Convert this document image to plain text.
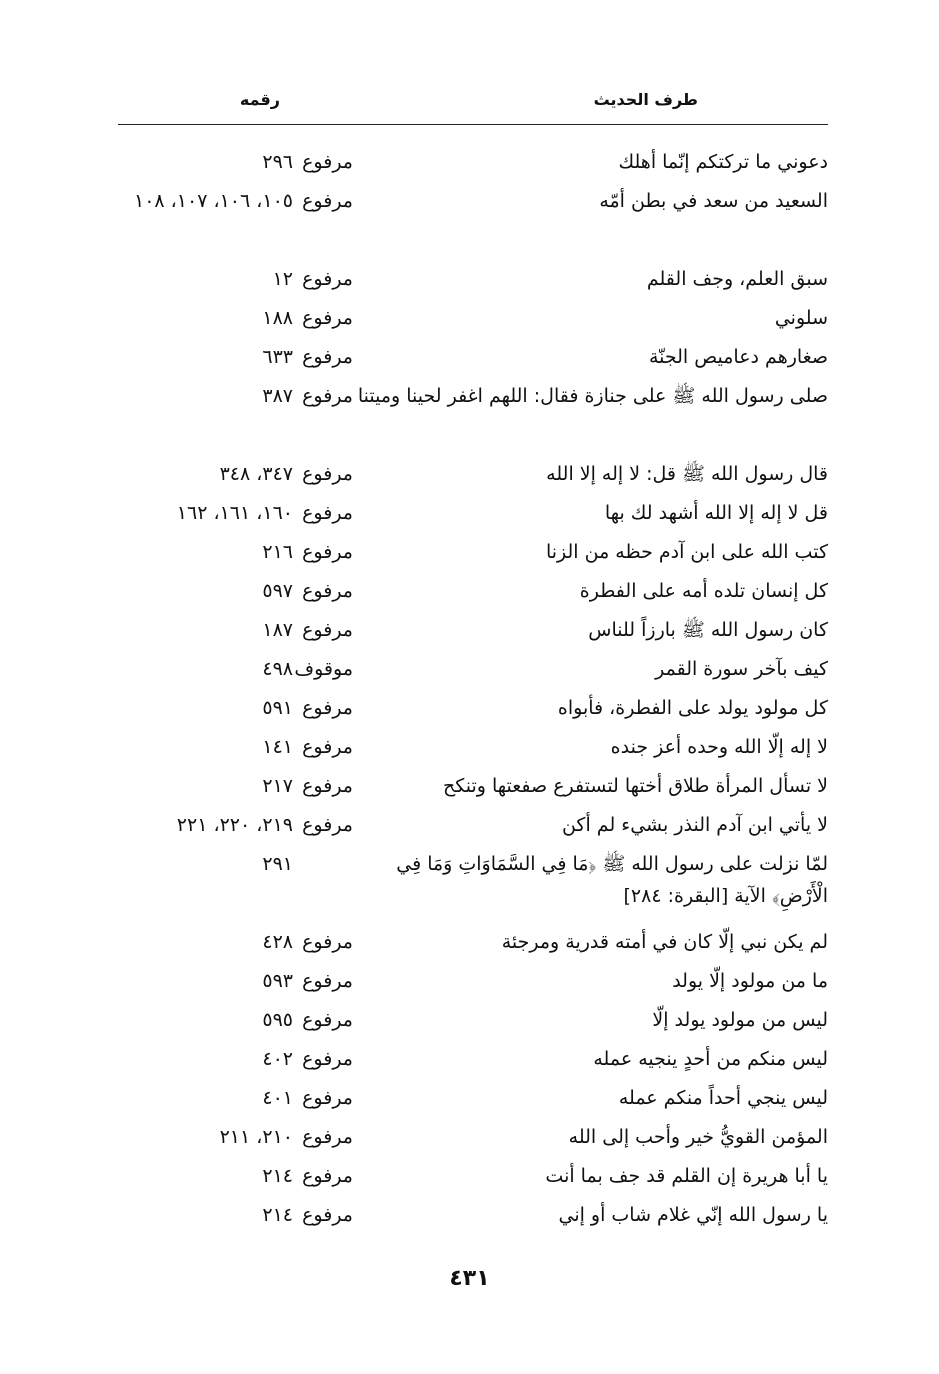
طرف الحديث
رقمه
دعوني ما تركتكم إنّما أهلك
مرفوع
٢٩٦
السعيد من سعد في بطن أمّه
مرفوع
١٠٥، ١٠٦، ١٠٧، ١٠٨
سبق العلم، وجف القلم
مرفوع
١٢
سلوني
مرفوع
١٨٨
صغارهم دعاميص الجنّة
مرفوع
٦٣٣
صلى رسول الله ﷺ على جنازة فقال: اللهم اغفر لحينا وميتنا
مرفوع
٣٨٧
قال رسول الله ﷺ قل: لا إله إلا الله
مرفوع
٣٤٧، ٣٤٨
قل لا إله إلا الله أشهد لك بها
مرفوع
١٦٠، ١٦١، ١٦٢
كتب الله على ابن آدم حظه من الزنا
مرفوع
٢١٦
كل إنسان تلده أمه على الفطرة
مرفوع
٥٩٧
كان رسول الله ﷺ بارزاً للناس
مرفوع
١٨٧
كيف بآخر سورة القمر
موقوف
٤٩٨
كل مولود يولد على الفطرة، فأبواه
مرفوع
٥٩١
لا إله إلّا الله وحده أعز جنده
مرفوع
١٤١
لا تسأل المرأة طلاق أختها لتستفرع صفعتها وتنكح
مرفوع
٢١٧
لا يأتي ابن آدم النذر بشيء لم أكن
مرفوع
٢١٩، ٢٢٠، ٢٢١
لمّا نزلت على رسول الله ﷺ ﴿مَا فِي السَّمَاوَاتِ وَمَا فِي الْأَرْضِ﴾ الآية [البقرة: ٢٨٤]
٢٩١
لم يكن نبي إلّا كان في أمته قدرية ومرجئة
مرفوع
٤٢٨
ما من مولود إلّا يولد
مرفوع
٥٩٣
ليس من مولود يولد إلّا
مرفوع
٥٩٥
ليس منكم من أحدٍ ينجيه عمله
مرفوع
٤٠٢
ليس ينجي أحداً منكم عمله
مرفوع
٤٠١
المؤمن القويُّ خير وأحب إلى الله
مرفوع
٢١٠، ٢١١
يا أبا هريرة إن القلم قد جف بما أنت
مرفوع
٢١٤
يا رسول الله إنّي غلام شاب أو إني
مرفوع
٢١٤
٤٣١
